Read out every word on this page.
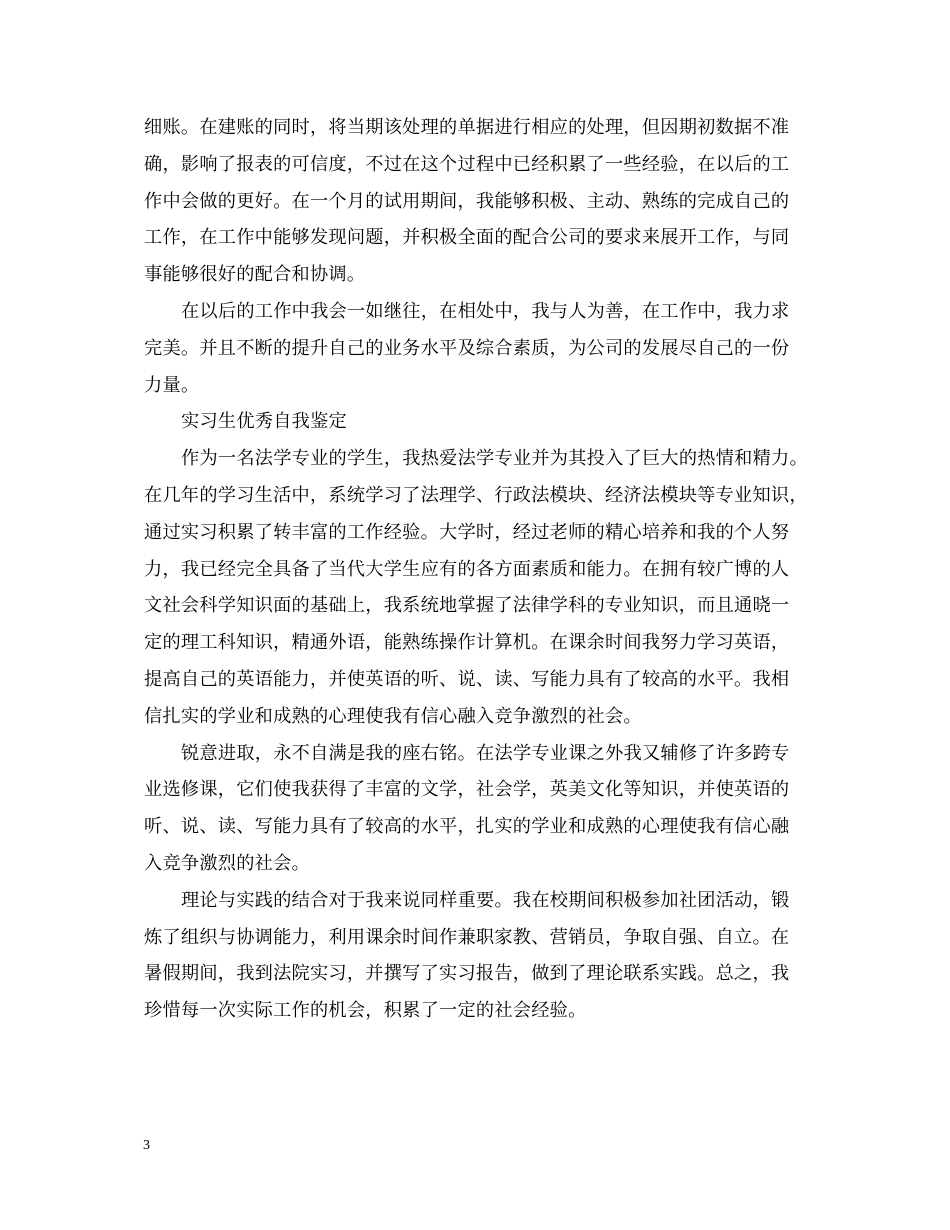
细账。在建账的同时，将当期该处理的单据进行相应的处理，但因期初数据不准
确，影响了报表的可信度，不过在这个过程中已经积累了一些经验，在以后的工
作中会做的更好。在一个月的试用期间，我能够积极、主动、熟练的完成自己的
工作，在工作中能够发现问题，并积极全面的配合公司的要求来展开工作，与同
事能够很好的配合和协调。
在以后的工作中我会一如继往，在相处中，我与人为善，在工作中，我力求
完美。并且不断的提升自己的业务水平及综合素质，为公司的发展尽自己的一份
力量。
实习生优秀自我鉴定
作为一名法学专业的学生，我热爱法学专业并为其投入了巨大的热情和精力。
在几年的学习生活中，系统学习了法理学、行政法模块、经济法模块等专业知识，
通过实习积累了转丰富的工作经验。大学时，经过老师的精心培养和我的个人努
力，我已经完全具备了当代大学生应有的各方面素质和能力。在拥有较广博的人
文社会科学知识面的基础上，我系统地掌握了法律学科的专业知识，而且通晓一
定的理工科知识，精通外语，能熟练操作计算机。在课余时间我努力学习英语，
提高自己的英语能力，并使英语的听、说、读、写能力具有了较高的水平。我相
信扎实的学业和成熟的心理使我有信心融入竞争激烈的社会。
锐意进取，永不自满是我的座右铭。在法学专业课之外我又辅修了许多跨专
业选修课，它们使我获得了丰富的文学，社会学，英美文化等知识，并使英语的
听、说、读、写能力具有了较高的水平，扎实的学业和成熟的心理使我有信心融
入竞争激烈的社会。
理论与实践的结合对于我来说同样重要。我在校期间积极参加社团活动，锻
炼了组织与协调能力，利用课余时间作兼职家教、营销员，争取自强、自立。在
暑假期间，我到法院实习，并撰写了实习报告，做到了理论联系实践。总之，我
珍惜每一次实际工作的机会，积累了一定的社会经验。
3
